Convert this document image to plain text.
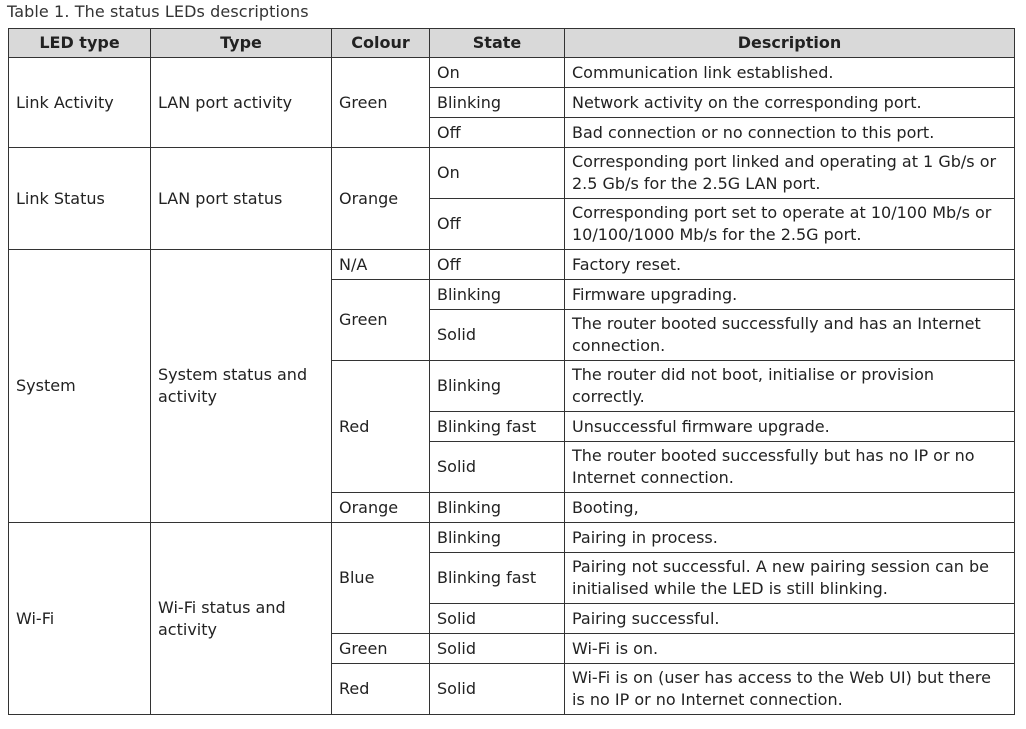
Table 1. The status LEDs descriptions
LED type	Type	Colour	State	Description
Link Activity	LAN port activity	Green	On	Communication link established.
			Blinking	Network activity on the corresponding port.
			Off	Bad connection or no connection to this port.
Link Status	LAN port status	Orange	On	Corresponding port linked and operating at 1 Gb/s or 2.5 Gb/s for the 2.5G LAN port.
			Off	Corresponding port set to operate at 10/100 Mb/s or 10/100/1000 Mb/s for the 2.5G port.
System	System status and activity	N/A	Off	Factory reset.
		Green	Blinking	Firmware upgrading.
			Solid	The router booted successfully and has an Internet connection.
		Red	Blinking	The router did not boot, initialise or provision correctly.
			Blinking fast	Unsuccessful firmware upgrade.
			Solid	The router booted successfully but has no IP or no Internet connection.
		Orange	Blinking	Booting,
Wi-Fi	Wi-Fi status and activity	Blue	Blinking	Pairing in process.
			Blinking fast	Pairing not successful. A new pairing session can be initialised while the LED is still blinking.
			Solid	Pairing successful.
		Green	Solid	Wi-Fi is on.
		Red	Solid	Wi-Fi is on (user has access to the Web UI) but there is no IP or no Internet connection.
